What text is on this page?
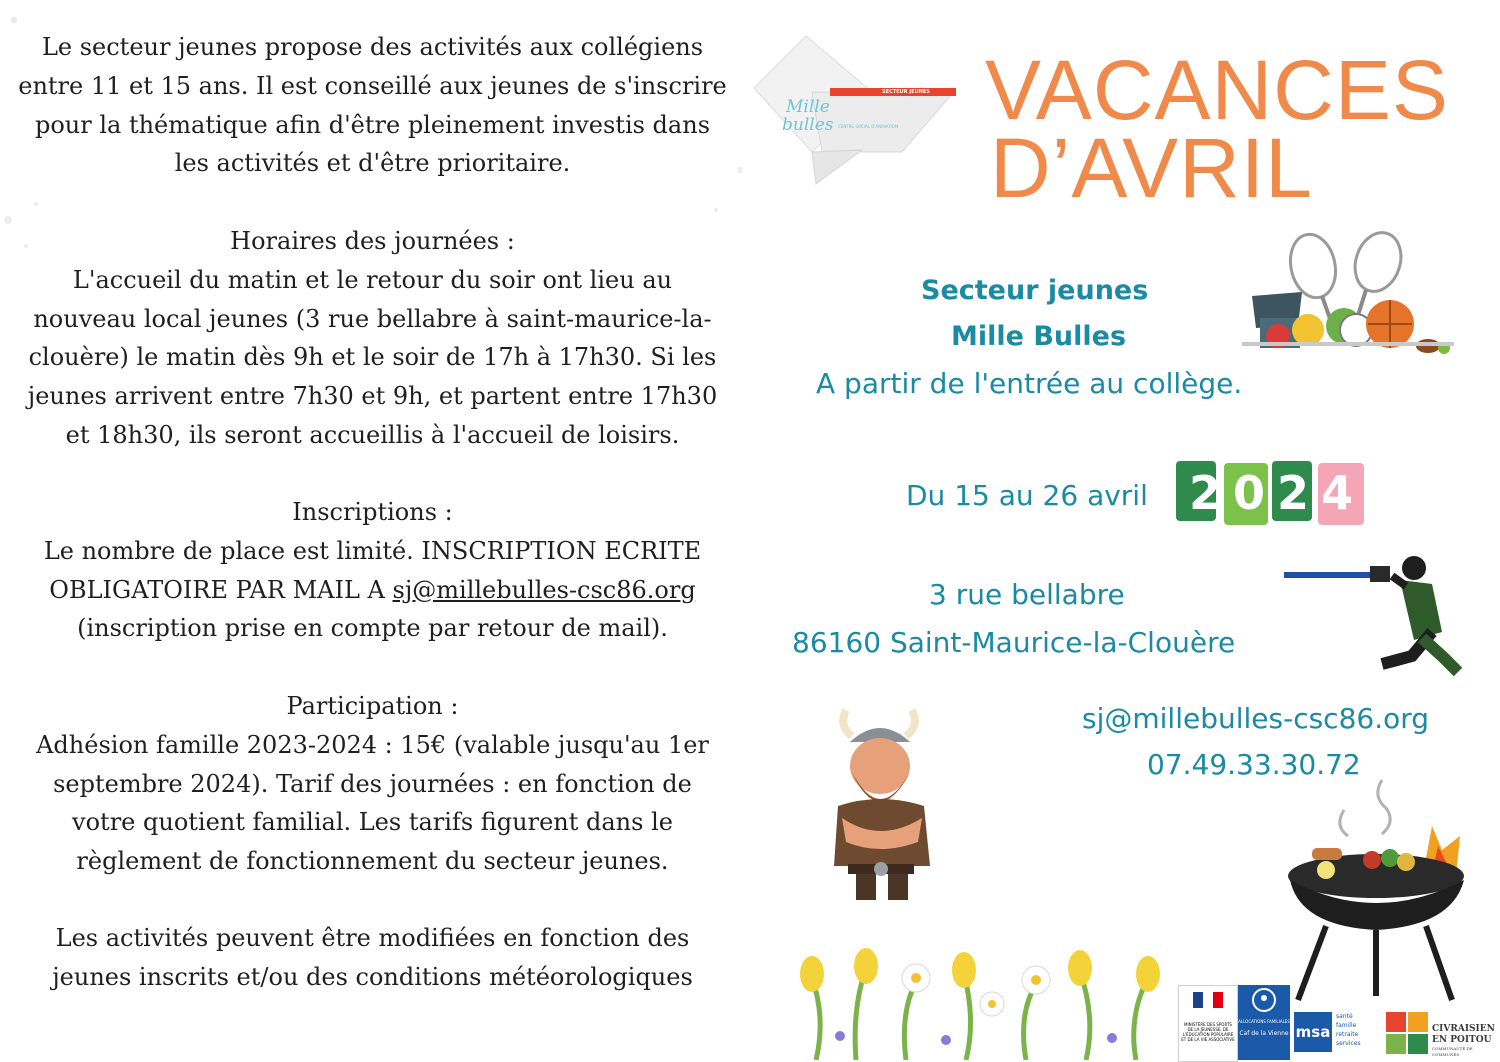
Le secteur jeunes propose des activités aux collégiens
entre 11 et 15 ans. Il est conseillé aux jeunes de s'inscrire
pour la thématique afin d'être pleinement investis dans
les activités et d'être prioritaire.

Horaires des journées :
L'accueil du matin et le retour du soir ont lieu au
nouveau local jeunes (3 rue bellabre à saint-maurice-la-
clouère) le matin dès 9h et le soir de 17h à 17h30. Si les
jeunes arrivent entre 7h30 et 9h, et partent entre 17h30
et 18h30, ils seront accueillis à l'accueil de loisirs.

Inscriptions :
Le nombre de place est limité. INSCRIPTION ECRITE
OBLIGATOIRE PAR MAIL A sj@millebulles-csc86.org
(inscription prise en compte par retour de mail).

Participation :
Adhésion famille 2023-2024 : 15€ (valable jusqu'au 1er
septembre 2024). Tarif des journées : en fonction de
votre quotient familial. Les tarifs figurent dans le
règlement de fonctionnement du secteur jeunes.

Les activités peuvent être modifiées en fonction des
jeunes inscrits et/ou des conditions météorologiques

SECTEUR JEUNES
Mille
bulles CENTRE SOCIAL D'ANIMATION VACANCES
D’AVRIL
Secteur jeunes
Mille Bulles
A partir de l'entrée au collège.
Du 15 au 26 avril 2024
3 rue bellabre
86160 Saint-Maurice-la-Clouère
sj@millebulles-csc86.org
07.49.33.30.72
MINISTÈRE DES SPORTS DE LA JEUNESSE, DE L'ÉDUCATION POPULAIRE ET DE LA VIE ASSOCIATIVE
ALLOCATIONS FAMILIALES
Caf de la Vienne msa
santé
famille
retraite
services
CIVRAISIEN
EN POITOU
COMMUNAUTÉ DE COMMUNES
